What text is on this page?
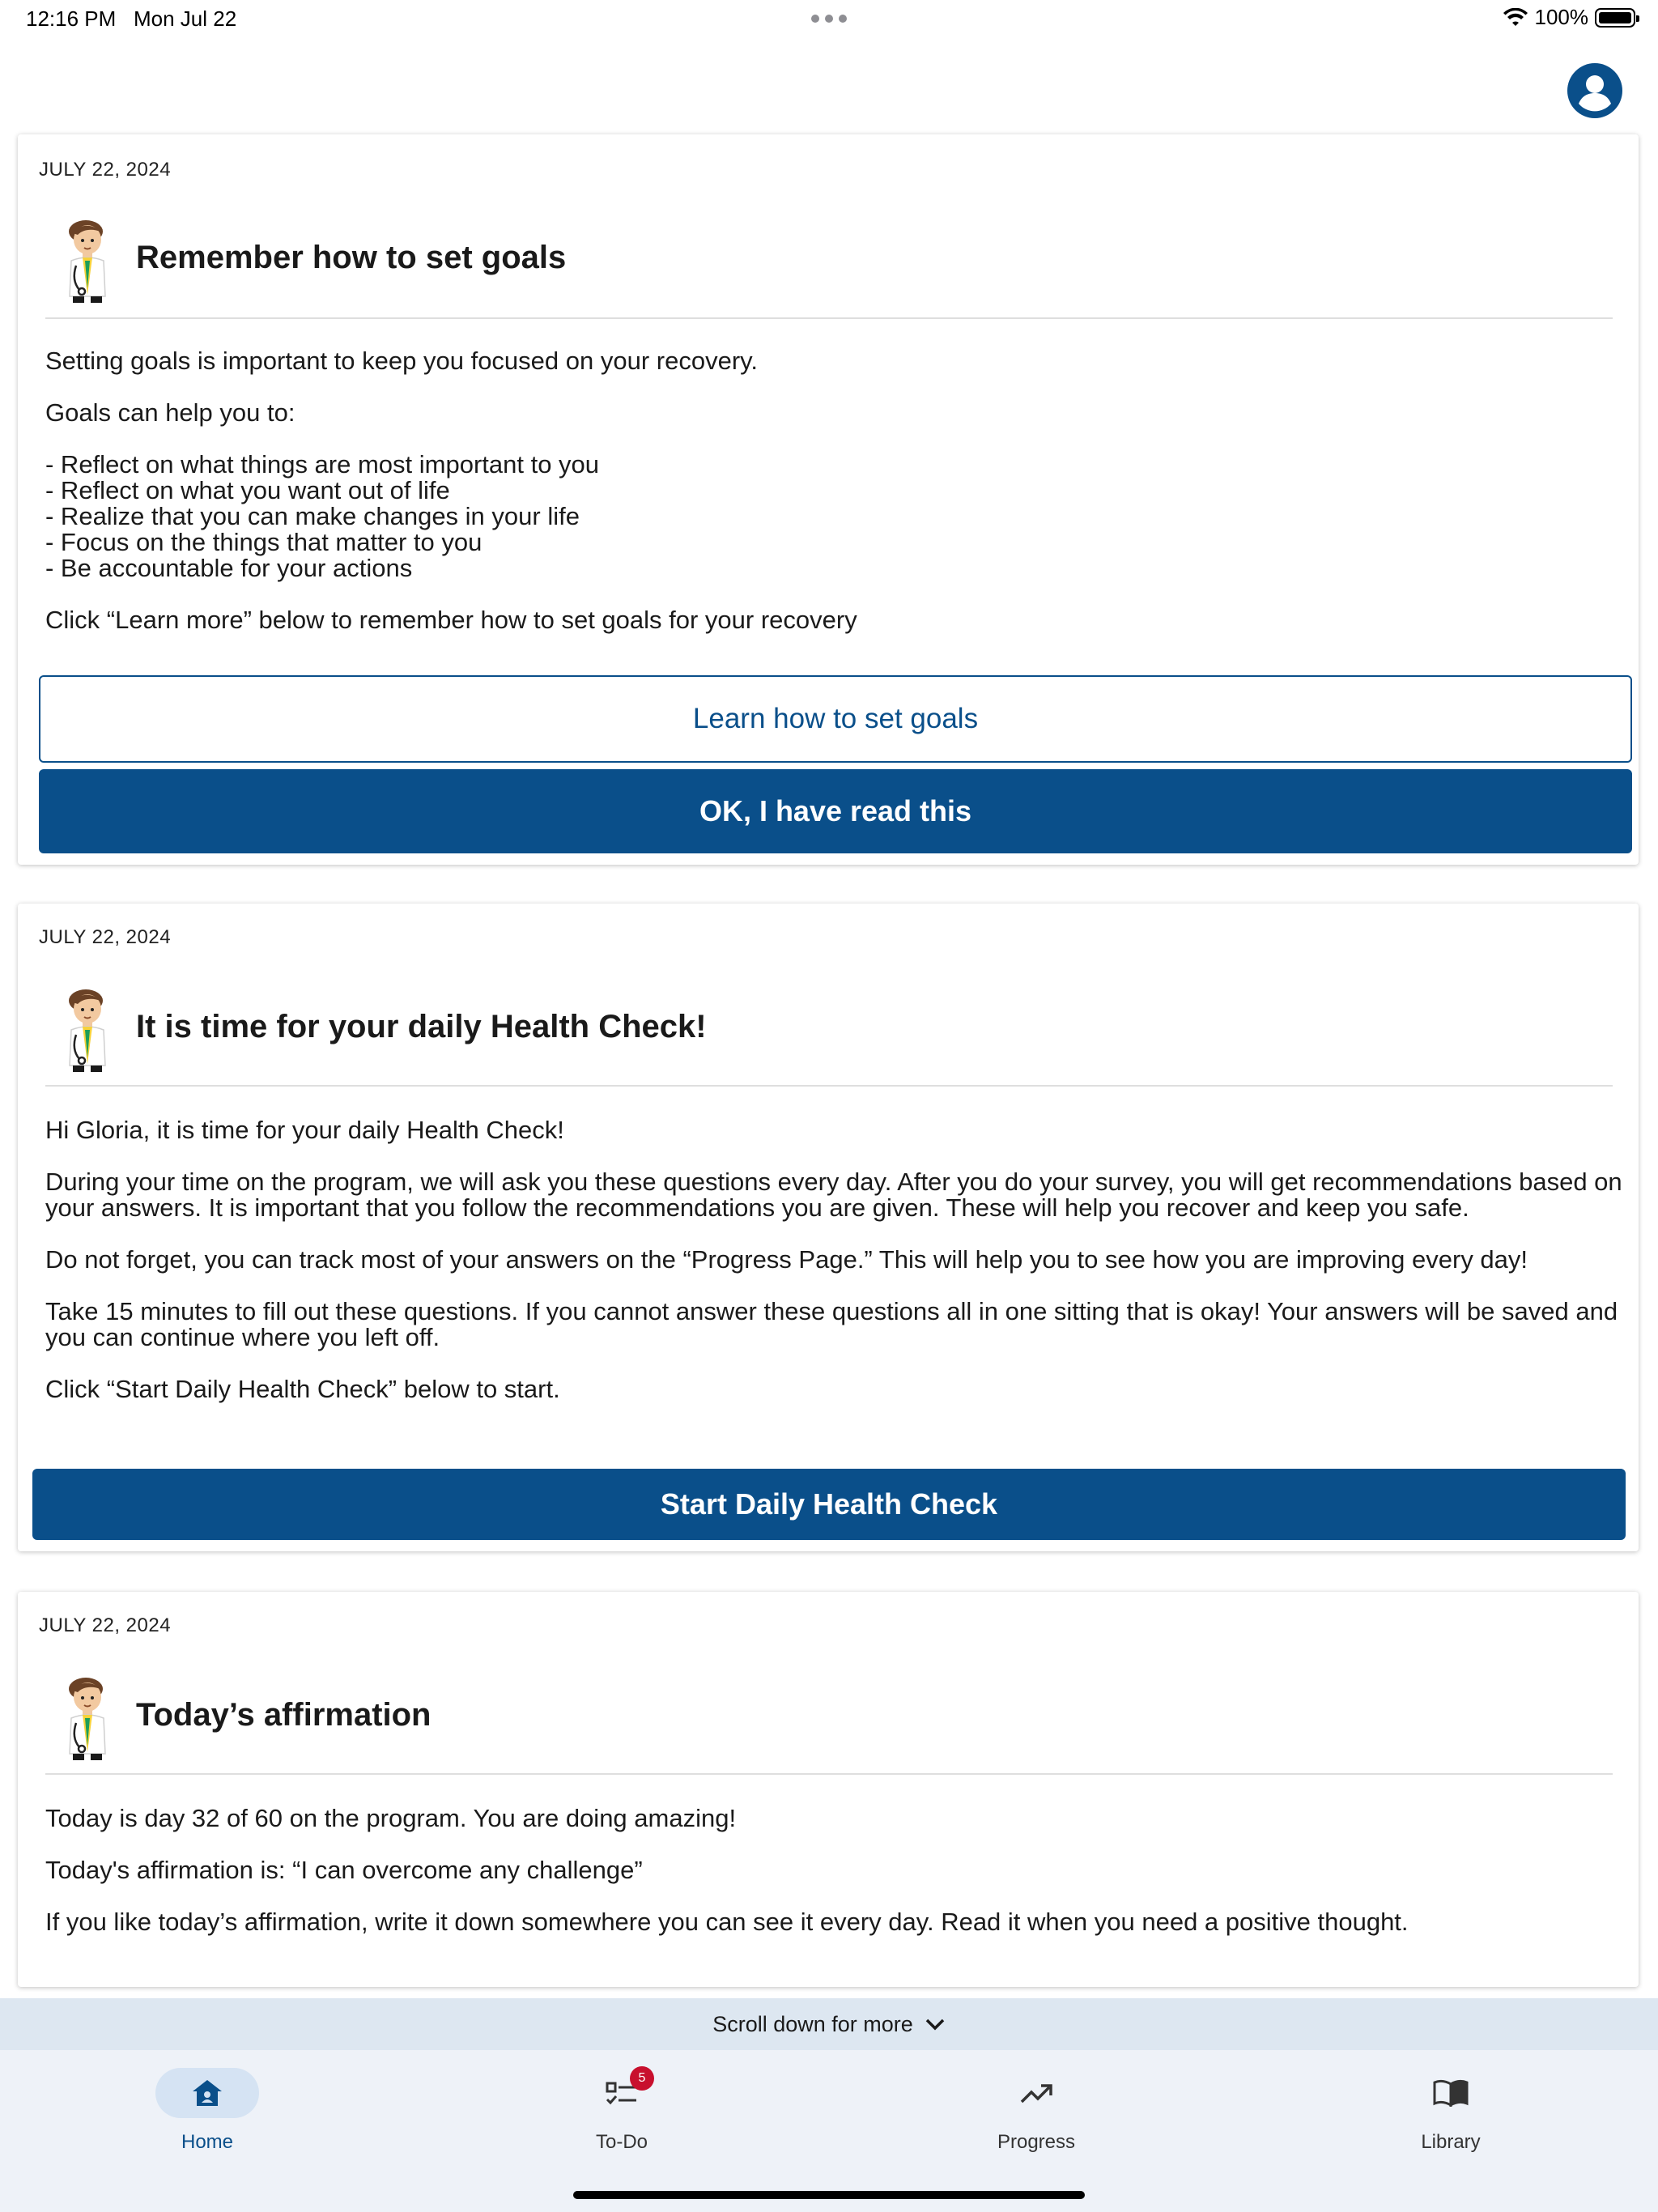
12:16 PM Mon Jul 22	100%
JULY 22, 2024
Remember how to set goals

Setting goals is important to keep you focused on your recovery.

Goals can help you to:

- Reflect on what things are most important to you

- Reflect on what you want out of life

- Realize that you can make changes in your life

- Focus on the things that matter to you

- Be accountable for your actions

Click “Learn more” below to remember how to set goals for your recovery

Learn how to set goals
OK, I have read this
JULY 22, 2024
It is time for your daily Health Check!

Hi Gloria, it is time for your daily Health Check!

During your time on the program, we will ask you these questions every day. After you do your survey, you will get recommendations based on your answers. It is important that you follow the recommendations you are given. These will help you recover and keep you safe.

Do not forget, you can track most of your answers on the “Progress Page.” This will help you to see how you are improving every day!

Take 15 minutes to fill out these questions. If you cannot answer these questions all in one sitting that is okay! Your answers will be saved and you can continue where you left off.

Click “Start Daily Health Check” below to start.

Start Daily Health Check
JULY 22, 2024
Today’s affirmation

Today is day 32 of 60 on the program. You are doing amazing!

Today's affirmation is: “I can overcome any challenge”

If you like today’s affirmation, write it down somewhere you can see it every day. Read it when you need a positive thought.

Scroll down for more
Home
5
To-Do	Progress	Library
